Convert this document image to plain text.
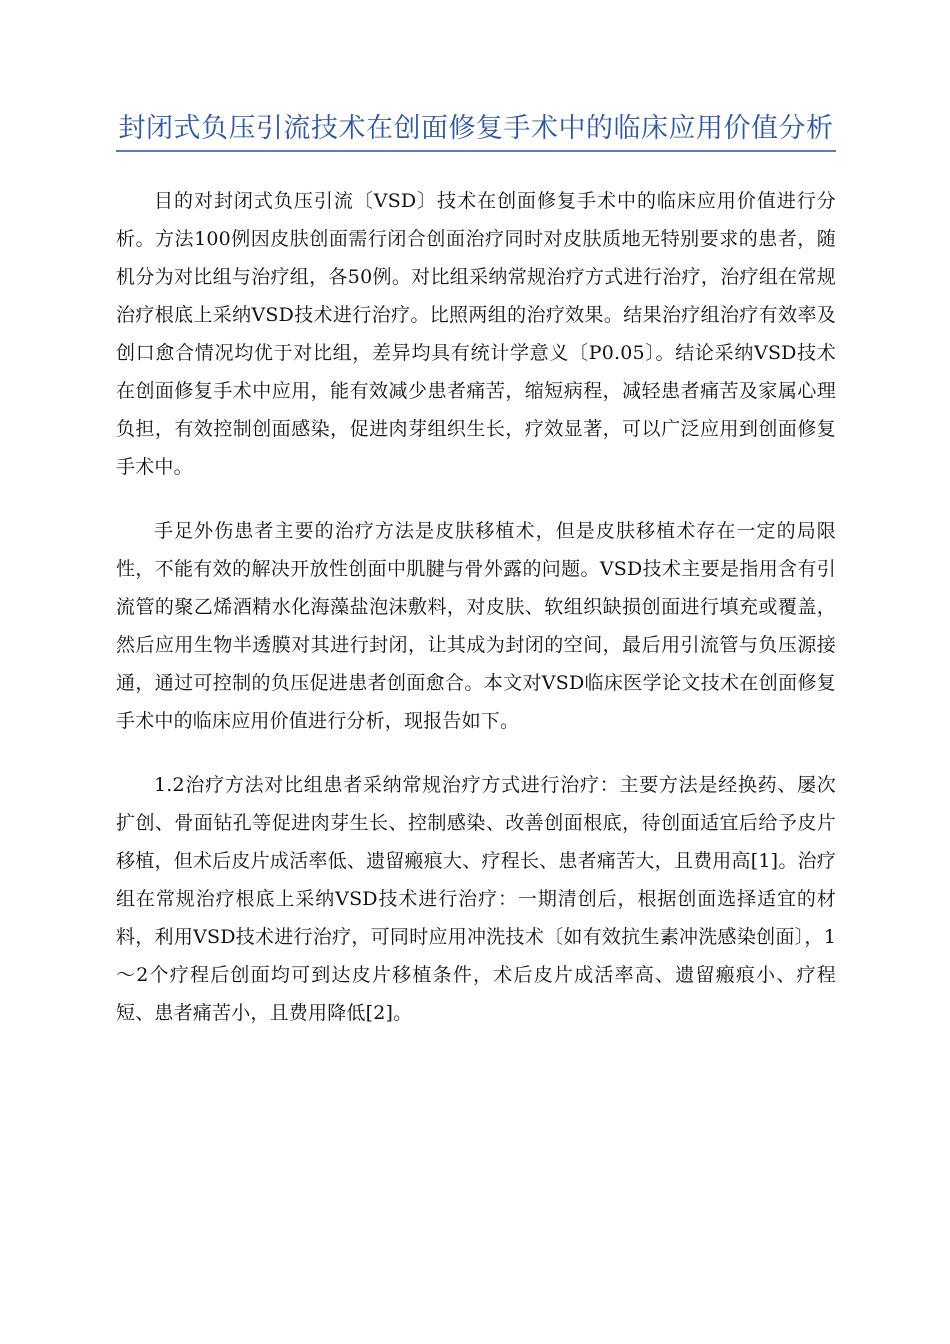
封闭式负压引流技术在创面修复手术中的临床应用价值分析

目的对封闭式负压引流〔VSD〕技术在创面修复手术中的临床应用价值进行分析。方法100例因皮肤创面需行闭合创面治疗同时对皮肤质地无特别要求的患者，随机分为对比组与治疗组，各50例。对比组采纳常规治疗方式进行治疗，治疗组在常规治疗根底上采纳VSD技术进行治疗。比照两组的治疗效果。结果治疗组治疗有效率及创口愈合情况均优于对比组，差异均具有统计学意义〔P0.05〕。结论采纳VSD技术在创面修复手术中应用，能有效减少患者痛苦，缩短病程，减轻患者痛苦及家属心理负担，有效控制创面感染，促进肉芽组织生长，疗效显著，可以广泛应用到创面修复手术中。

手足外伤患者主要的治疗方法是皮肤移植术，但是皮肤移植术存在一定的局限性，不能有效的解决开放性创面中肌腱与骨外露的问题。VSD技术主要是指用含有引流管的聚乙烯酒精水化海藻盐泡沫敷料，对皮肤、软组织缺损创面进行填充或覆盖，然后应用生物半透膜对其进行封闭，让其成为封闭的空间，最后用引流管与负压源接通，通过可控制的负压促进患者创面愈合。本文对VSD临床医学论文技术在创面修复手术中的临床应用价值进行分析，现报告如下。

1.2治疗方法对比组患者采纳常规治疗方式进行治疗：主要方法是经换药、屡次扩创、骨面钻孔等促进肉芽生长、控制感染、改善创面根底，待创面适宜后给予皮片移植，但术后皮片成活率低、遗留瘢痕大、疗程长、患者痛苦大，且费用高[1]。治疗组在常规治疗根底上采纳VSD技术进行治疗：一期清创后，根据创面选择适宜的材料，利用VSD技术进行治疗，可同时应用冲洗技术〔如有效抗生素冲洗感染创面〕，1～2个疗程后创面均可到达皮片移植条件，术后皮片成活率高、遗留瘢痕小、疗程短、患者痛苦小，且费用降低[2]。
